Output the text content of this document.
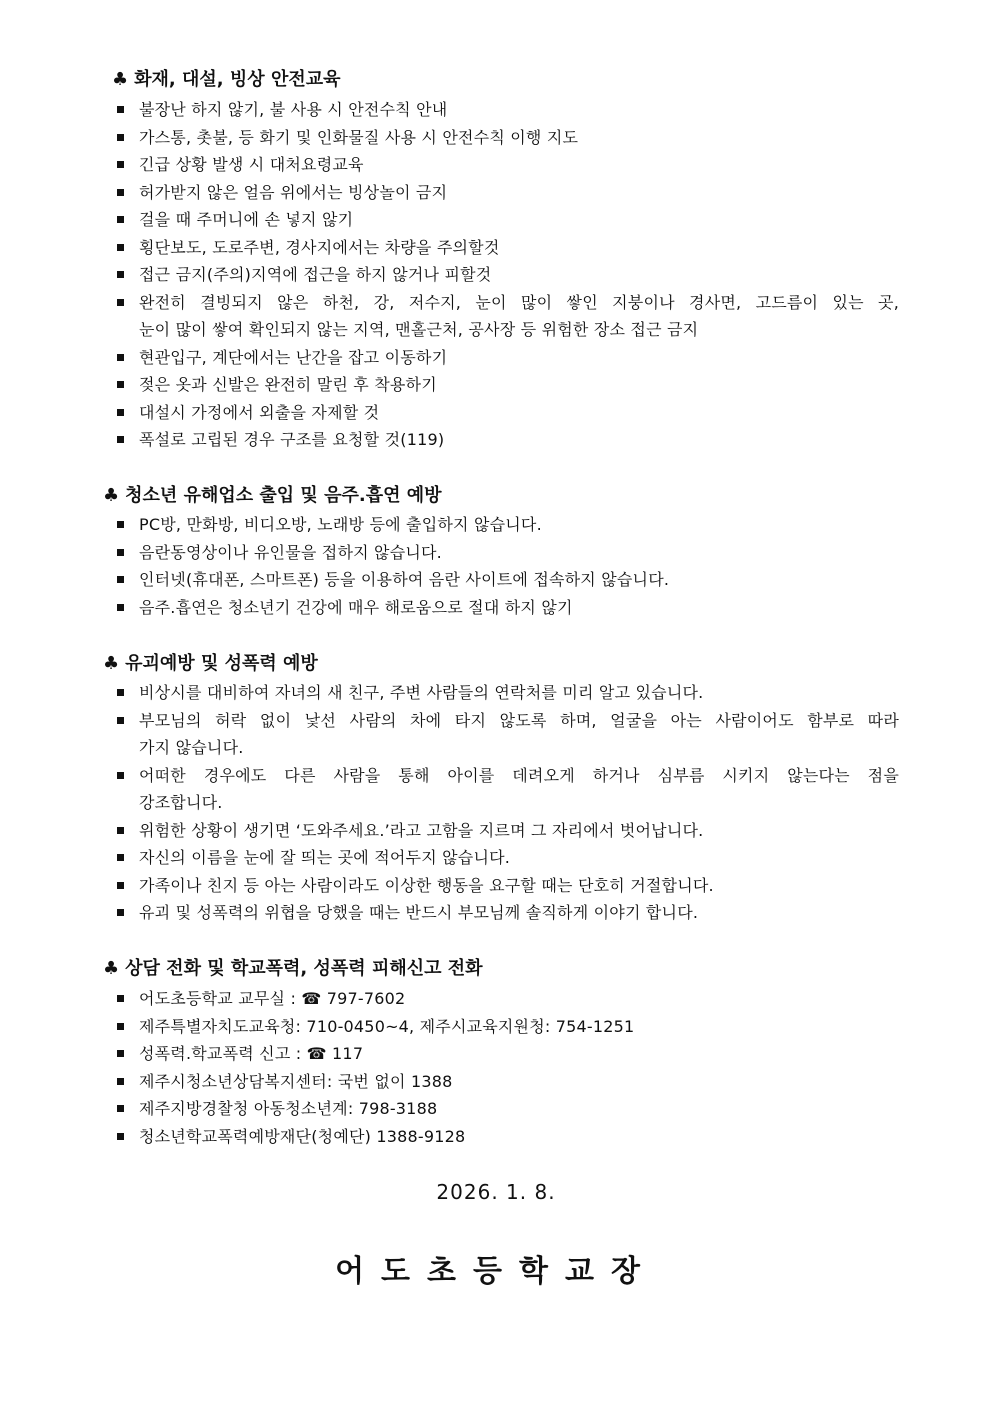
♣ 화재, 대설, 빙상 안전교육
불장난 하지 않기, 불 사용 시 안전수칙 안내
가스통, 촛불, 등 화기 및 인화물질 사용 시 안전수칙 이행 지도
긴급 상황 발생 시 대처요령교육
허가받지 않은 얼음 위에서는 빙상놀이 금지
걸을 때 주머니에 손 넣지 않기
횡단보도, 도로주변, 경사지에서는 차량을 주의할것
접근 금지(주의)지역에 접근을 하지 않거나 피할것
완전히 결빙되지 않은 하천, 강, 저수지, 눈이 많이 쌓인 지붕이나 경사면, 고드름이 있는 곳,
눈이 많이 쌓여 확인되지 않는 지역, 맨홀근처, 공사장 등 위험한 장소 접근 금지
현관입구, 계단에서는 난간을 잡고 이동하기
젖은 옷과 신발은 완전히 말린 후 착용하기
대설시 가정에서 외출을 자제할 것
폭설로 고립된 경우 구조를 요청할 것(119)
♣ 청소년 유해업소 출입 및 음주.흡연 예방
PC방, 만화방, 비디오방, 노래방 등에 출입하지 않습니다.
음란동영상이나 유인물을 접하지 않습니다.
인터넷(휴대폰, 스마트폰) 등을 이용하여 음란 사이트에 접속하지 않습니다.
음주.흡연은 청소년기 건강에 매우 해로움으로 절대 하지 않기
♣ 유괴예방 및 성폭력 예방
비상시를 대비하여 자녀의 새 친구, 주변 사람들의 연락처를 미리 알고 있습니다.
부모님의 허락 없이 낯선 사람의 차에 타지 않도록 하며, 얼굴을 아는 사람이어도 함부로 따라
가지 않습니다.
어떠한 경우에도 다른 사람을 통해 아이를 데려오게 하거나 심부름 시키지 않는다는 점을
강조합니다.
위험한 상황이 생기면 ‘도와주세요.’라고 고함을 지르며 그 자리에서 벗어납니다.
자신의 이름을 눈에 잘 띄는 곳에 적어두지 않습니다.
가족이나 친지 등 아는 사람이라도 이상한 행동을 요구할 때는 단호히 거절합니다.
유괴 및 성폭력의 위협을 당했을 때는 반드시 부모님께 솔직하게 이야기 합니다.
♣ 상담 전화 및 학교폭력, 성폭력 피해신고 전화
어도초등학교 교무실 : ☎ 797-7602
제주특별자치도교육청: 710-0450~4, 제주시교육지원청: 754-1251
성폭력.학교폭력 신고 : ☎ 117
제주시청소년상담복지센터: 국번 없이 1388
제주지방경찰청 아동청소년계: 798-3188
청소년학교폭력예방재단(청예단) 1388-9128
2026. 1. 8.
어도초등학교장
